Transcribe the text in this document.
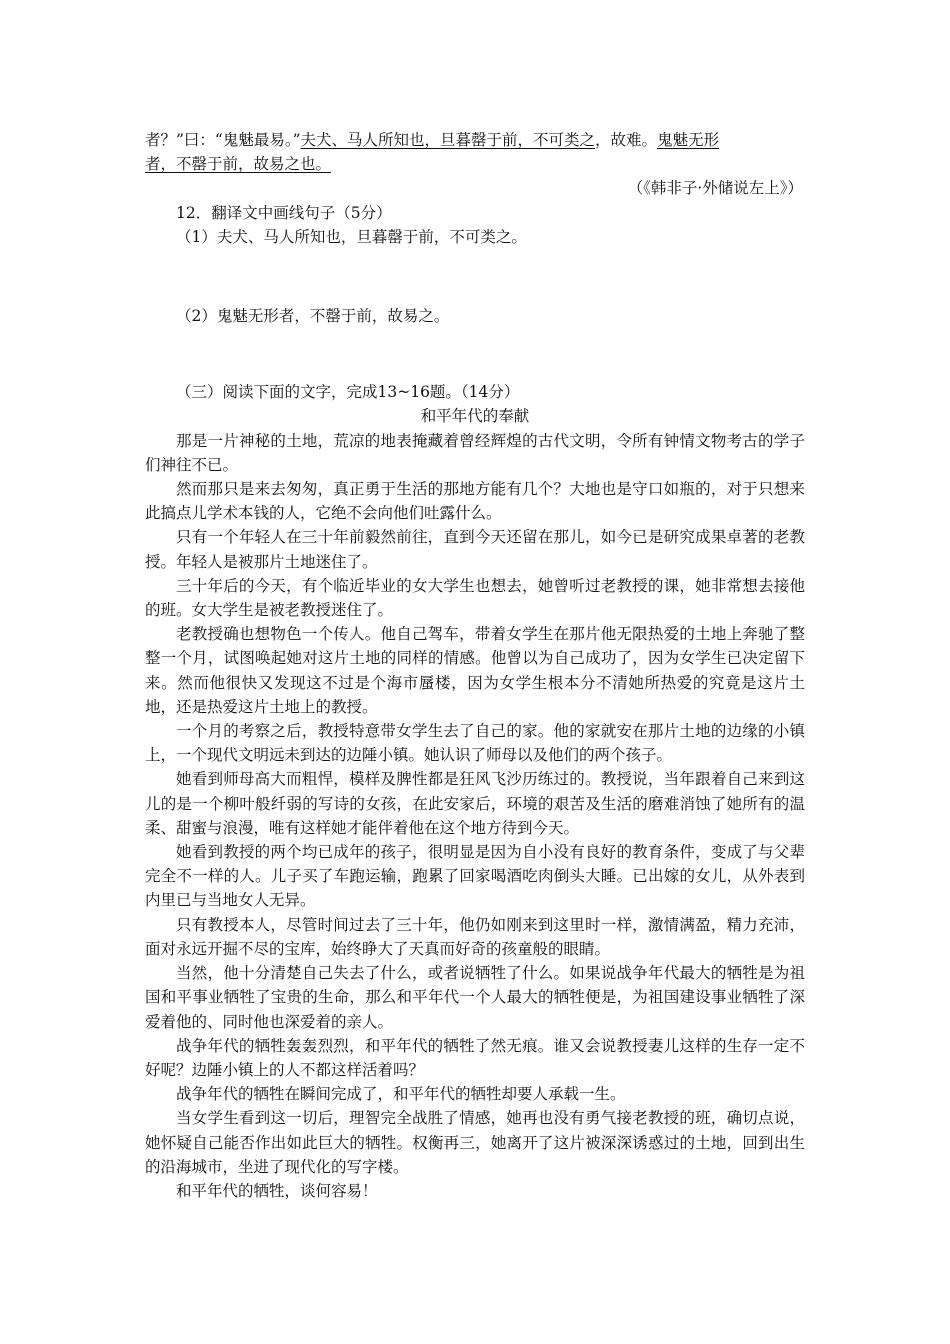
者？”曰：“鬼魅最易。”夫犬、马人所知也，旦暮罄于前，不可类之，故难。鬼魅无形
者，不罄于前，故易之也。
（《韩非子·外储说左上》）
12．翻译文中画线句子（5分）
（1）夫犬、马人所知也，旦暮罄于前，不可类之。
（2）鬼魅无形者，不罄于前，故易之。
（三）阅读下面的文字，完成13~16题。（14分）
和平年代的奉献
那是一片神秘的土地，荒凉的地表掩藏着曾经辉煌的古代文明，令所有钟情文物考古的学子们神往不已。
然而那只是来去匆匆，真正勇于生活的那地方能有几个？大地也是守口如瓶的，对于只想来此搞点儿学术本钱的人，它绝不会向他们吐露什么。
只有一个年轻人在三十年前毅然前往，直到今天还留在那儿，如今已是研究成果卓著的老教授。年轻人是被那片土地迷住了。
三十年后的今天，有个临近毕业的女大学生也想去，她曾听过老教授的课，她非常想去接他的班。女大学生是被老教授迷住了。
老教授确也想物色一个传人。他自己驾车，带着女学生在那片他无限热爱的土地上奔驰了整整一个月，试图唤起她对这片土地的同样的情感。他曾以为自己成功了，因为女学生已决定留下来。然而他很快又发现这不过是个海市蜃楼，因为女学生根本分不清她所热爱的究竟是这片土地，还是热爱这片土地上的教授。
一个月的考察之后，教授特意带女学生去了自己的家。他的家就安在那片土地的边缘的小镇上，一个现代文明远未到达的边陲小镇。她认识了师母以及他们的两个孩子。
她看到师母高大而粗悍，模样及脾性都是狂风飞沙历练过的。教授说，当年跟着自己来到这儿的是一个柳叶般纤弱的写诗的女孩，在此安家后，环境的艰苦及生活的磨难消蚀了她所有的温柔、甜蜜与浪漫，唯有这样她才能伴着他在这个地方待到今天。
她看到教授的两个均已成年的孩子，很明显是因为自小没有良好的教育条件，变成了与父辈完全不一样的人。儿子买了车跑运输，跑累了回家喝酒吃肉倒头大睡。已出嫁的女儿，从外表到内里已与当地女人无异。
只有教授本人，尽管时间过去了三十年，他仍如刚来到这里时一样，激情满盈，精力充沛，面对永远开掘不尽的宝库，始终睁大了天真而好奇的孩童般的眼睛。
当然，他十分清楚自己失去了什么，或者说牺牲了什么。如果说战争年代最大的牺牲是为祖国和平事业牺牲了宝贵的生命，那么和平年代一个人最大的牺牲便是，为祖国建设事业牺牲了深爱着他的、同时他也深爱着的亲人。
战争年代的牺牲轰轰烈烈，和平年代的牺牲了然无痕。谁又会说教授妻儿这样的生存一定不好呢？边陲小镇上的人不都这样活着吗？
战争年代的牺牲在瞬间完成了，和平年代的牺牲却要人承载一生。
当女学生看到这一切后，理智完全战胜了情感，她再也没有勇气接老教授的班，确切点说，她怀疑自己能否作出如此巨大的牺牲。权衡再三，她离开了这片被深深诱惑过的土地，回到出生的沿海城市，坐进了现代化的写字楼。
和平年代的牺牲，谈何容易！
